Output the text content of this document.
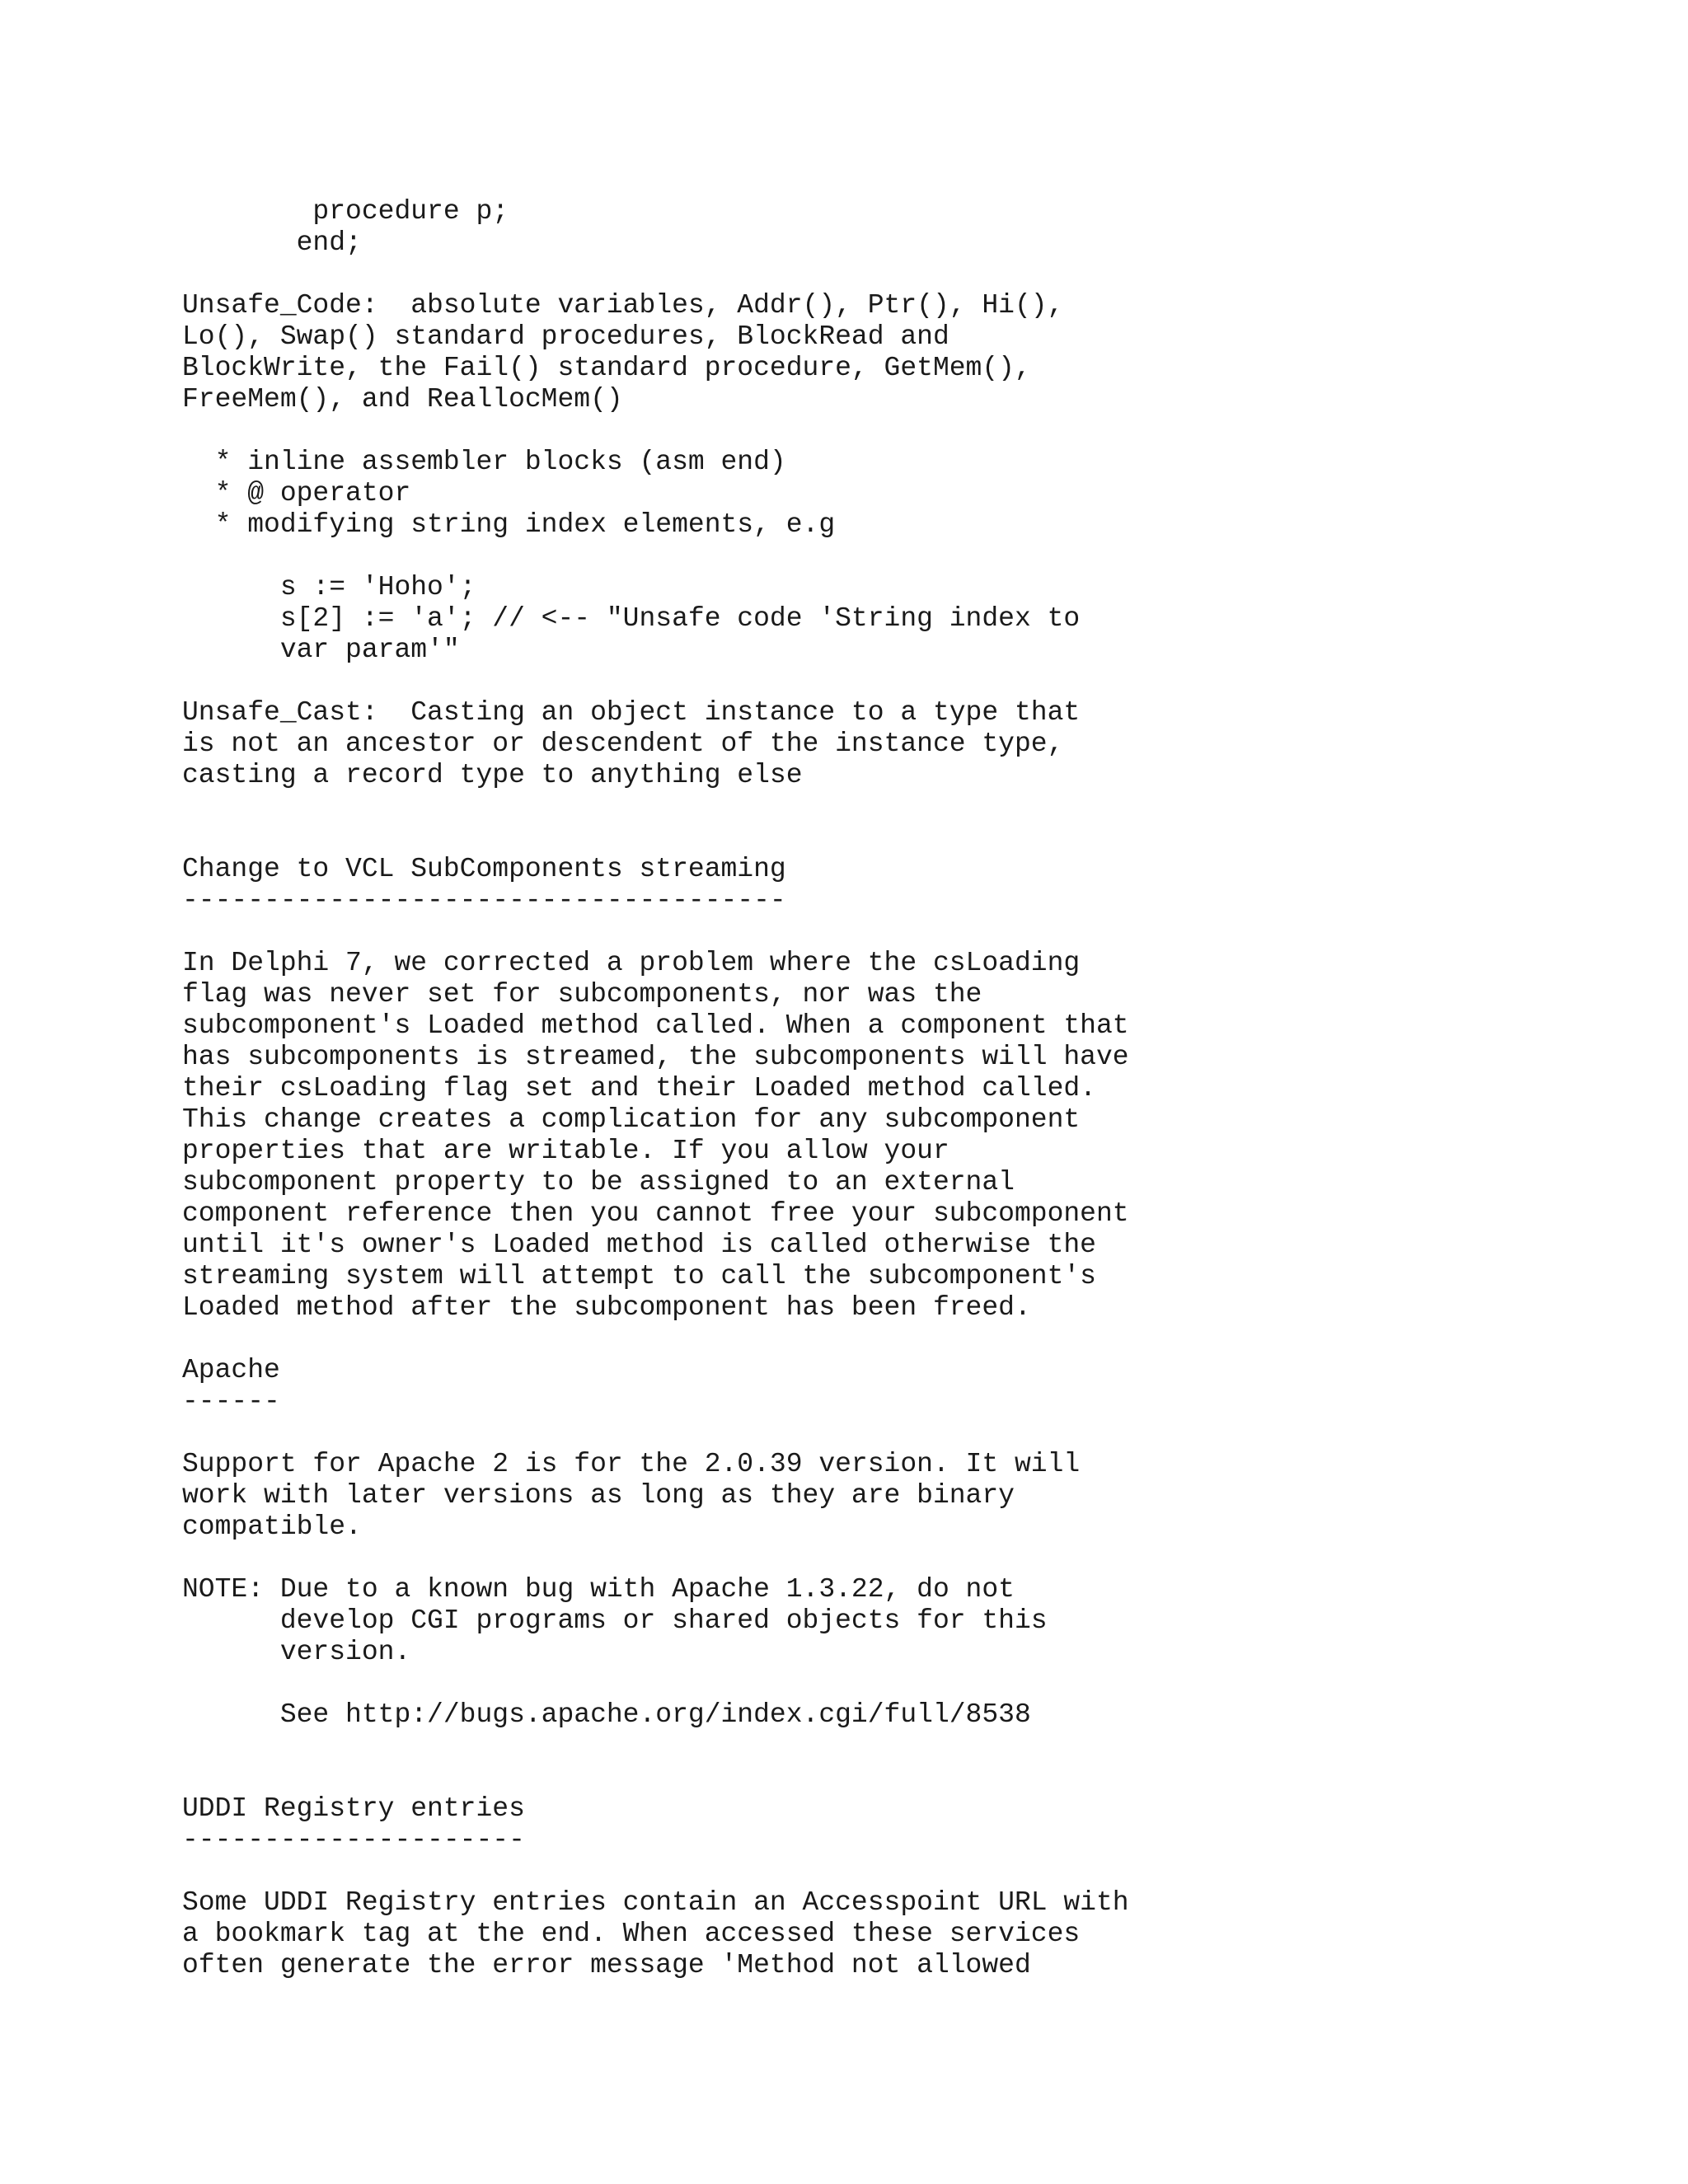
procedure p;
end;
Unsafe_Code:  absolute variables, Addr(), Ptr(), Hi(),
Lo(), Swap() standard procedures, BlockRead and
BlockWrite, the Fail() standard procedure, GetMem(),
FreeMem(), and ReallocMem()
* inline assembler blocks (asm end)
* @ operator
* modifying string index elements, e.g
s := 'Hoho';
s[2] := 'a'; // <-- "Unsafe code 'String index to
var param'"
Unsafe_Cast:  Casting an object instance to a type that
is not an ancestor or descendent of the instance type,
casting a record type to anything else
Change to VCL SubComponents streaming
-------------------------------------
In Delphi 7, we corrected a problem where the csLoading
flag was never set for subcomponents, nor was the
subcomponent's Loaded method called. When a component that
has subcomponents is streamed, the subcomponents will have
their csLoading flag set and their Loaded method called.
This change creates a complication for any subcomponent
properties that are writable. If you allow your
subcomponent property to be assigned to an external
component reference then you cannot free your subcomponent
until it's owner's Loaded method is called otherwise the
streaming system will attempt to call the subcomponent's
Loaded method after the subcomponent has been freed.
Apache
------
Support for Apache 2 is for the 2.0.39 version. It will
work with later versions as long as they are binary
compatible.
NOTE: Due to a known bug with Apache 1.3.22, do not
develop CGI programs or shared objects for this
version.
See http://bugs.apache.org/index.cgi/full/8538
UDDI Registry entries
---------------------
Some UDDI Registry entries contain an Accesspoint URL with
a bookmark tag at the end. When accessed these services
often generate the error message 'Method not allowed
